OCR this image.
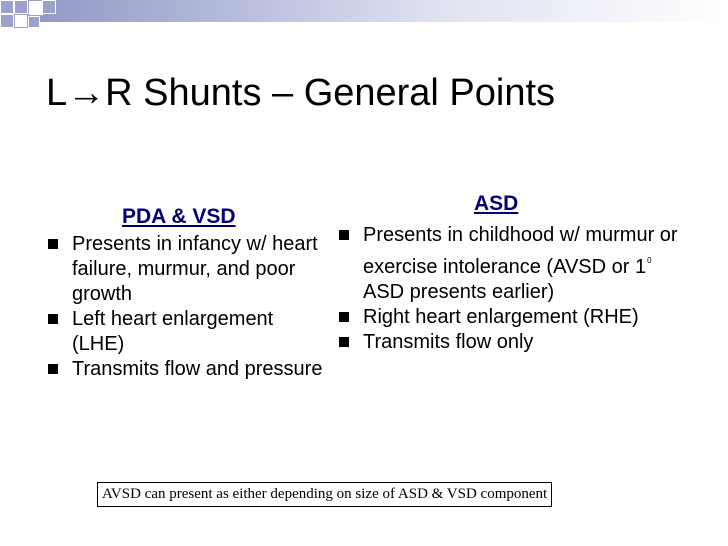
L→R Shunts – General Points
PDA & VSD
Presents in infancy w/ heart failure, murmur, and poor growth
Left heart enlargement (LHE)
Transmits flow and pressure
ASD
Presents in childhood w/ murmur or exercise intolerance (AVSD or $1^0$ ASD presents earlier)
Right heart enlargement (RHE)
Transmits flow only
AVSD can present as either depending on size of ASD & VSD component
